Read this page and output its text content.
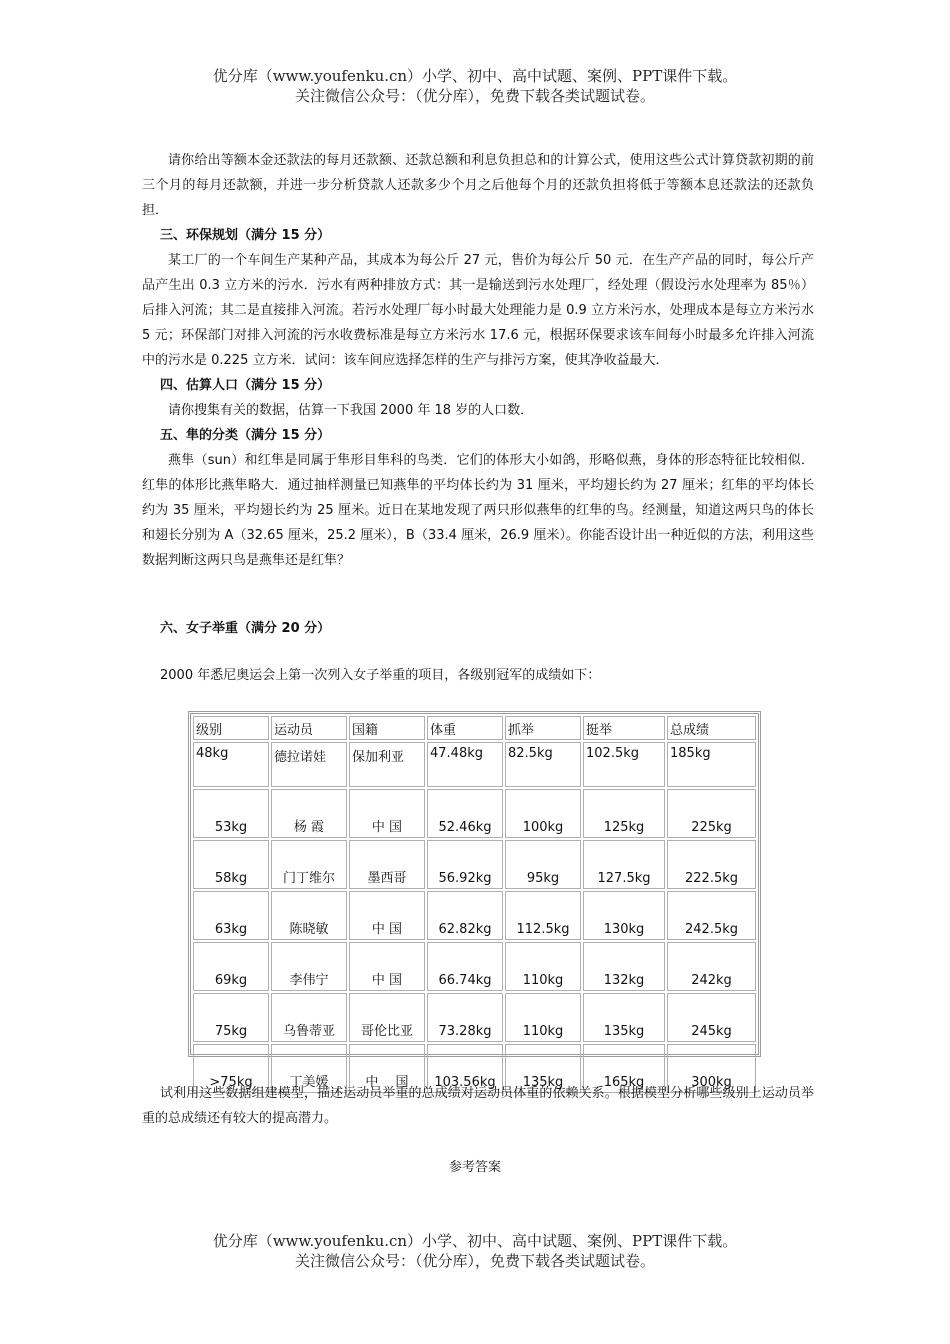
优分库（www.youfenku.cn）小学、初中、高中试题、案例、PPT课件下载。
关注微信公众号：（优分库），免费下载各类试题试卷。

请你给出等额本金还款法的每月还款额、还款总额和利息负担总和的计算公式，使用这些公式计算贷款初期的前三个月的每月还款额，并进一步分析贷款人还款多少个月之后他每个月的还款负担将低于等额本息还款法的还款负担．

三、环保规划（满分 15 分）

某工厂的一个车间生产某种产品，其成本为每公斤 27 元，售价为每公斤 50 元．在生产产品的同时，每公斤产品产生出 0.3 立方米的污水．污水有两种排放方式：其一是输送到污水处理厂，经处理（假设污水处理率为 85％）后排入河流；其二是直接排入河流。若污水处理厂每小时最大处理能力是 0.9 立方米污水，处理成本是每立方米污水 5 元；环保部门对排入河流的污水收费标准是每立方米污水 17.6 元，根据环保要求该车间每小时最多允许排入河流中的污水是 0.225 立方米．试问：该车间应选择怎样的生产与排污方案，使其净收益最大．

四、估算人口（满分 15 分）

请你搜集有关的数据，估算一下我国 2000 年 18 岁的人口数．

五、隼的分类（满分 15 分）

燕隼（sun）和红隼是同属于隼形目隼科的鸟类．它们的体形大小如鸽，形略似燕，身体的形态特征比较相似．红隼的体形比燕隼略大．通过抽样测量已知燕隼的平均体长约为 31 厘米，平均翅长约为 27 厘米；红隼的平均体长约为 35 厘米，平均翅长约为 25 厘米。近日在某地发现了两只形似燕隼的红隼的鸟。经测量，知道这两只鸟的体长和翅长分别为 A（32.65 厘米，25.2 厘米），B（33.4 厘米，26.9 厘米）。你能否设计出一种近似的方法，利用这些数据判断这两只鸟是燕隼还是红隼？

六、女子举重（满分 20 分）
2000 年悉尼奥运会上第一次列入女子举重的项目，各级别冠军的成绩如下：
级别	运动员	国籍	体重	抓举	挺举	总成绩
48kg	德拉诺娃	保加利亚	47.48kg	82.5kg	102.5kg	185kg
53kg	杨 霞	中 国	52.46kg	100kg	125kg	225kg
58kg	门丁维尔	墨西哥	56.92kg	95kg	127.5kg	222.5kg
63kg	陈晓敏	中 国	62.82kg	112.5kg	130kg	242.5kg
69kg	李伟宁	中 国	66.74kg	110kg	132kg	242kg
75kg	乌鲁蒂亚	哥伦比亚	73.28kg	110kg	135kg	245kg
>75kg	丁美媛	中　 国	103.56kg	135kg	165kg	300kg

试利用这些数据组建模型，描述运动员举重的总成绩对运动员体重的依赖关系。根据模型分析哪些级别上运动员举重的总成绩还有较大的提高潜力。

参考答案
优分库（www.youfenku.cn）小学、初中、高中试题、案例、PPT课件下载。
关注微信公众号：（优分库），免费下载各类试题试卷。
